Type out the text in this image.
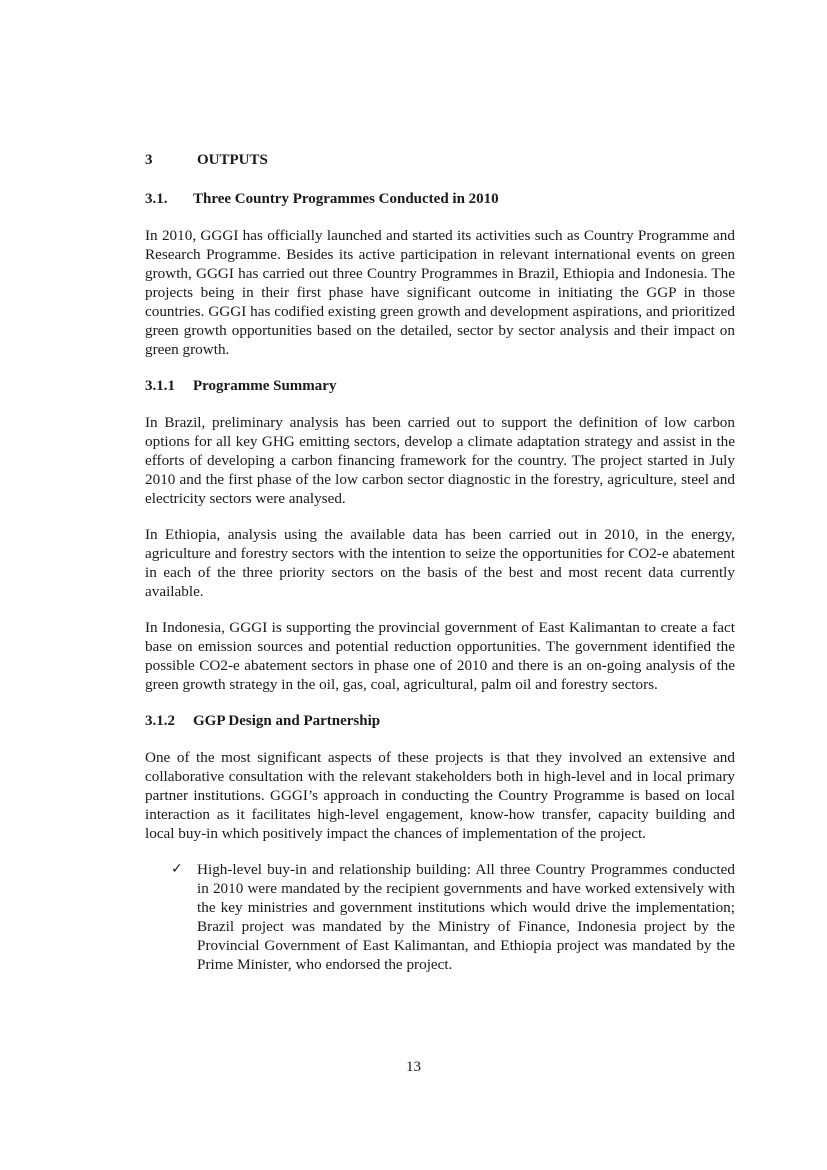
3	OUTPUTS
3.1. Three Country Programmes Conducted in 2010

In 2010, GGGI has officially launched and started its activities such as Country Programme and Research Programme. Besides its active participation in relevant international events on green growth, GGGI has carried out three Country Programmes in Brazil, Ethiopia and Indonesia. The projects being in their first phase have significant outcome in initiating the GGP in those countries. GGGI has codified existing green growth and development aspirations, and prioritized green growth opportunities based on the detailed, sector by sector analysis and their impact on green growth.

3.1.1 Programme Summary

In Brazil, preliminary analysis has been carried out to support the definition of low carbon options for all key GHG emitting sectors, develop a climate adaptation strategy and assist in the efforts of developing a carbon financing framework for the country. The project started in July 2010 and the first phase of the low carbon sector diagnostic in the forestry, agriculture, steel and electricity sectors were analysed.

In Ethiopia, analysis using the available data has been carried out in 2010, in the energy, agriculture and forestry sectors with the intention to seize the opportunities for CO2-e abatement in each of the three priority sectors on the basis of the best and most recent data currently available.

In Indonesia, GGGI is supporting the provincial government of East Kalimantan to create a fact base on emission sources and potential reduction opportunities. The government identified the possible CO2-e abatement sectors in phase one of 2010 and there is an on-going analysis of the green growth strategy in the oil, gas, coal, agricultural, palm oil and forestry sectors.

3.1.2 GGP Design and Partnership

One of the most significant aspects of these projects is that they involved an extensive and collaborative consultation with the relevant stakeholders both in high-level and in local primary partner institutions. GGGI’s approach in conducting the Country Programme is based on local interaction as it facilitates high-level engagement, know-how transfer, capacity building and local buy-in which positively impact the chances of implementation of the project.

✓ High-level buy-in and relationship building: All three Country Programmes conducted in 2010 were mandated by the recipient governments and have worked extensively with the key ministries and government institutions which would drive the implementation; Brazil project was mandated by the Ministry of Finance, Indonesia project by the Provincial Government of East Kalimantan, and Ethiopia project was mandated by the Prime Minister, who endorsed the project.

13
